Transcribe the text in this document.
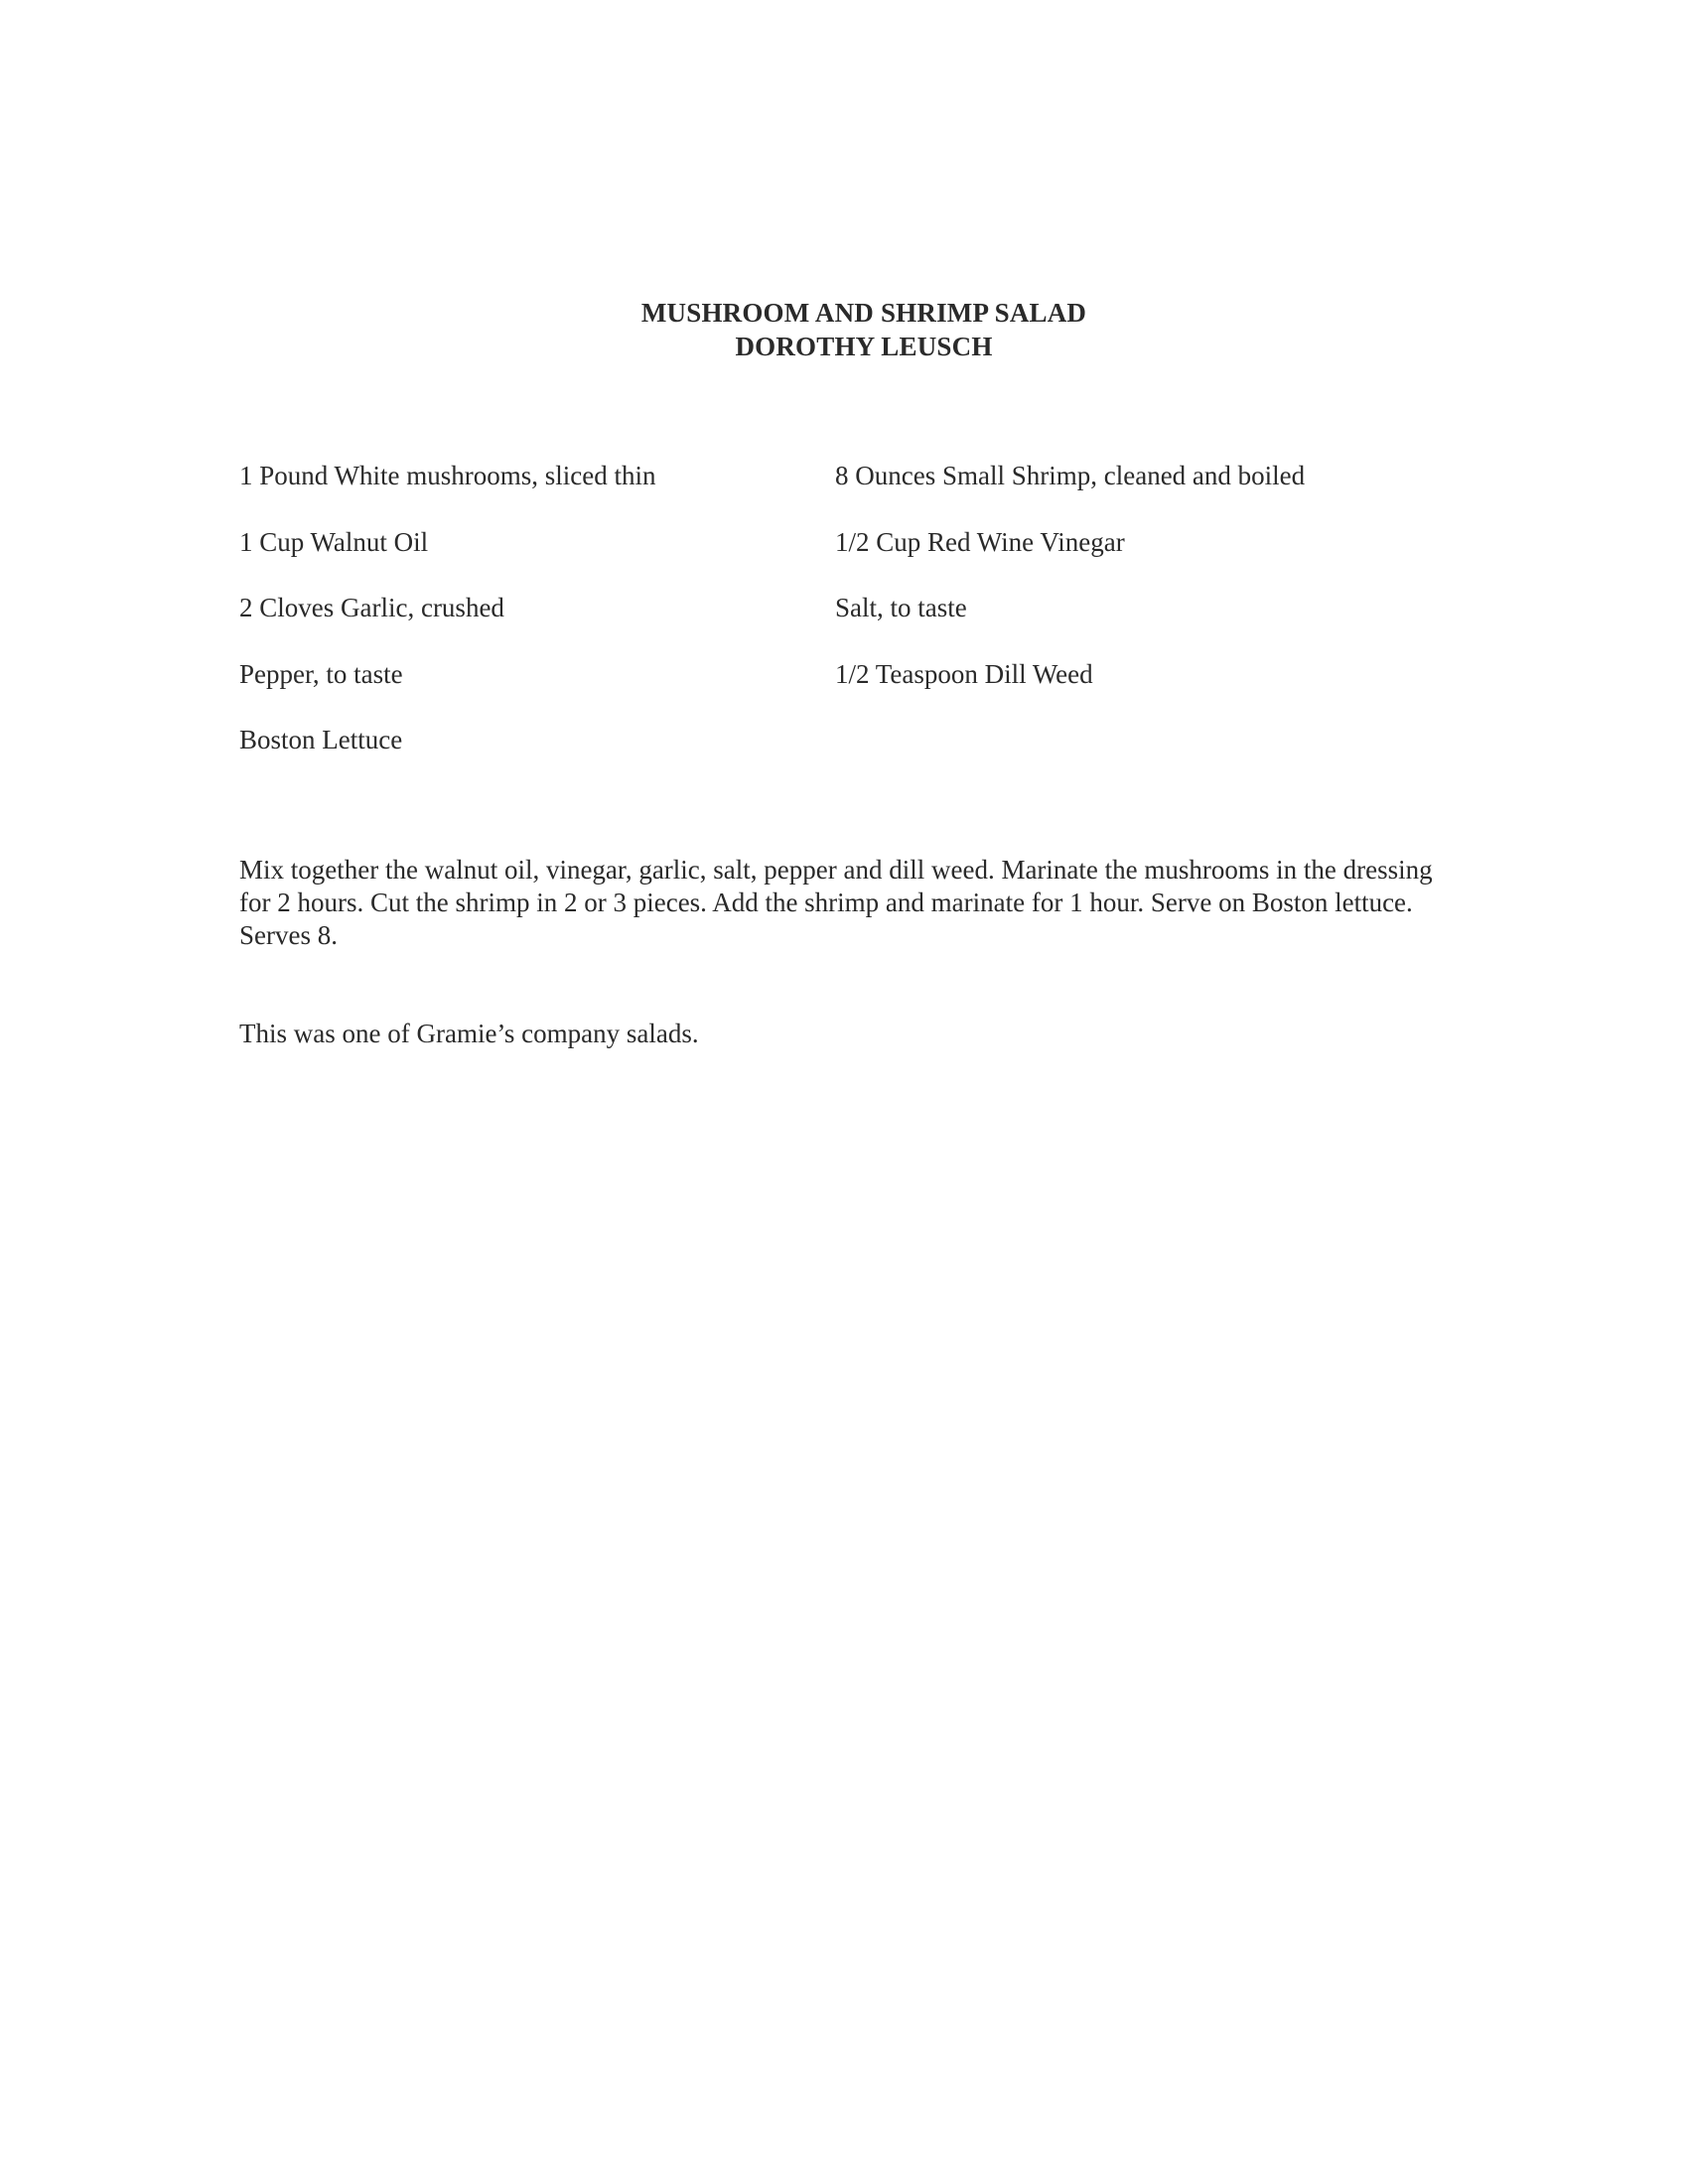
MUSHROOM AND SHRIMP SALAD

DOROTHY LEUSCH

1 Pound White mushrooms, sliced thin	8 Ounces Small Shrimp, cleaned and boiled
1 Cup Walnut Oil	1/2 Cup Red Wine Vinegar
2 Cloves Garlic, crushed	Salt, to taste
Pepper, to taste	1/2 Teaspoon Dill Weed
Boston Lettuce

Mix together the walnut oil, vinegar, garlic, salt, pepper and dill weed. Marinate the mushrooms in the dressing for 2 hours. Cut the shrimp in 2 or 3 pieces. Add the shrimp and marinate for 1 hour. Serve on Boston lettuce. Serves 8.

This was one of Gramie’s company salads.
